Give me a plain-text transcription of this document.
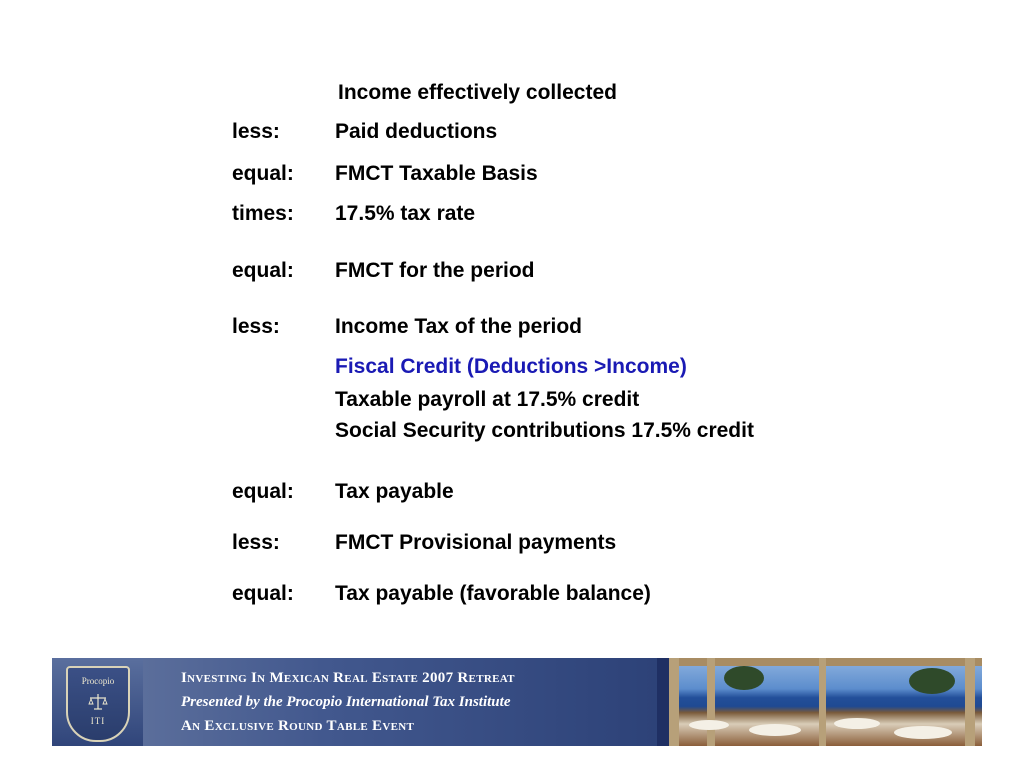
Income effectively collected
less:	Paid deductions
equal:	FMCT Taxable Basis
times:	17.5% tax rate
equal:	FMCT for the period
less:	Income Tax of the period
Fiscal Credit (Deductions >Income)
Taxable payroll at 17.5% credit
Social Security contributions 17.5% credit
equal:	Tax payable
less:	FMCT Provisional payments
equal:	Tax payable (favorable balance)
Procopio
ITI
Investing In Mexican Real Estate 2007 Retreat
Presented by the Procopio International Tax Institute
An Exclusive Round Table Event
